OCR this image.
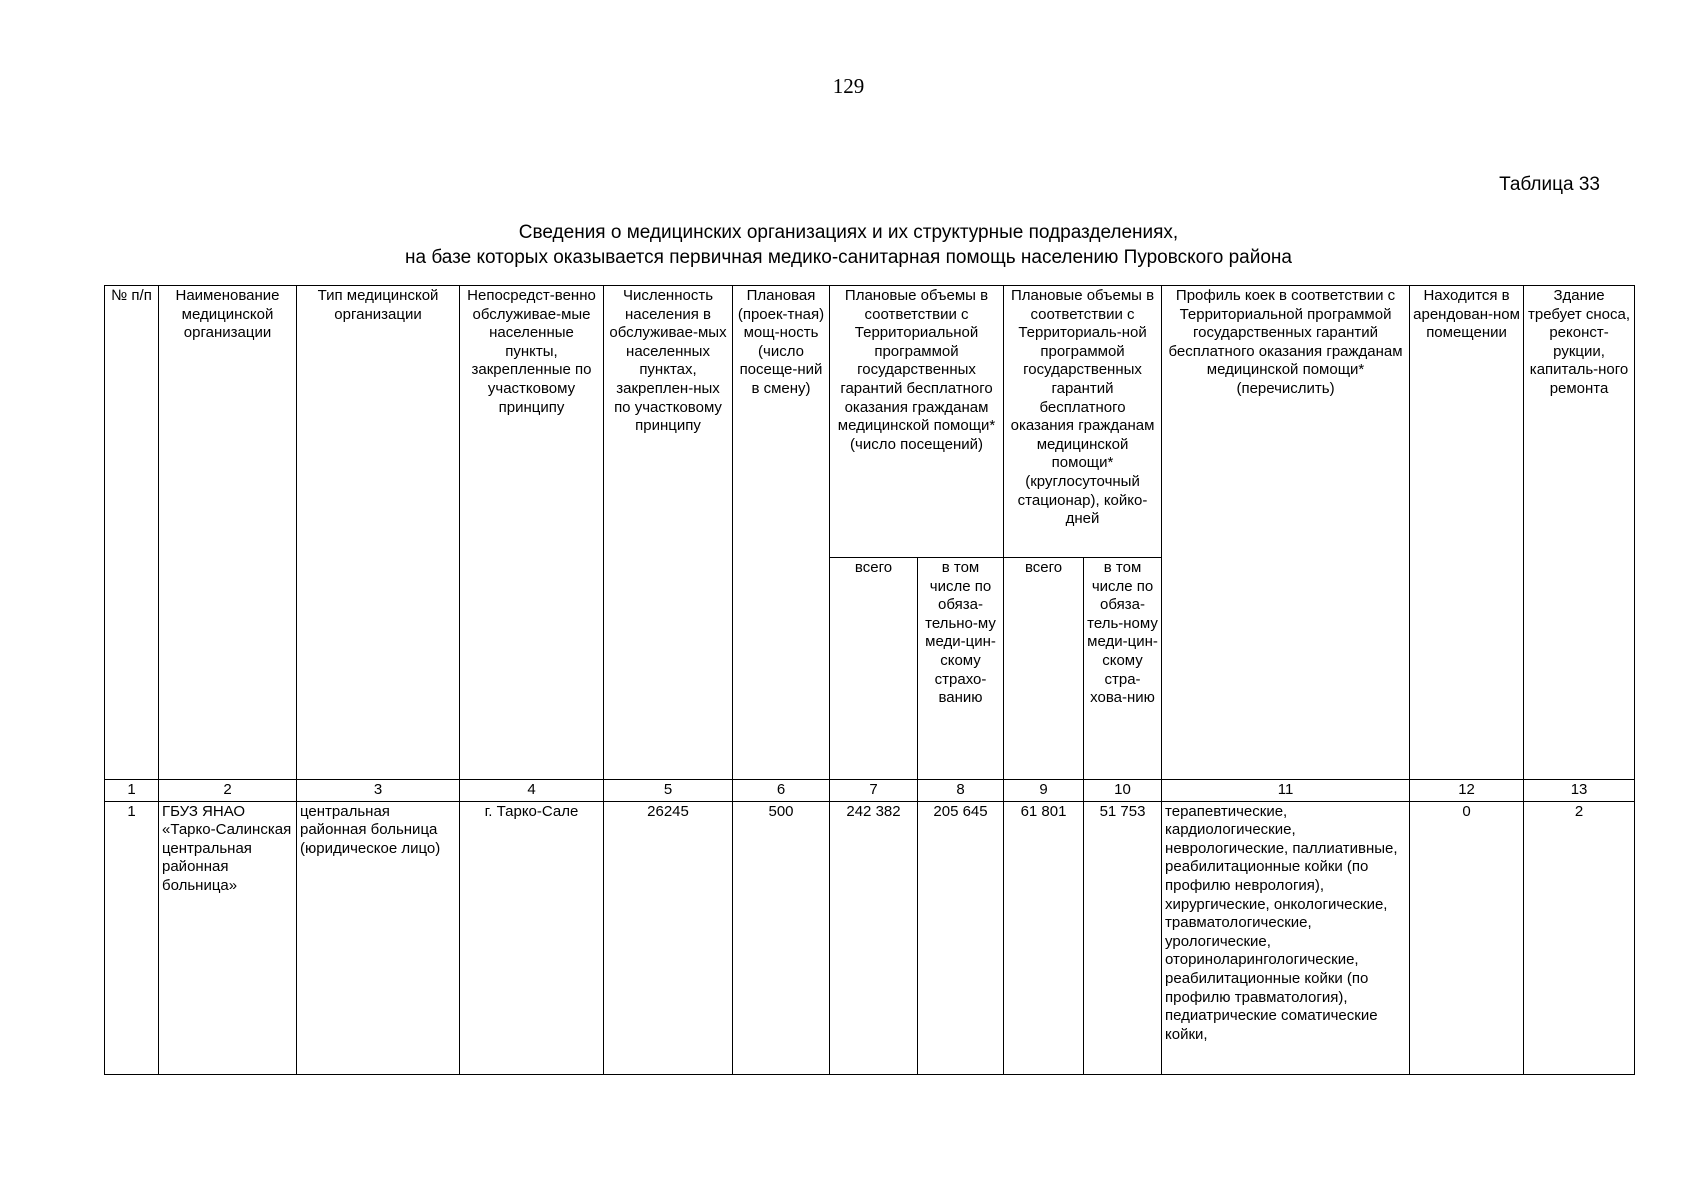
129
Таблица 33
Сведения о медицинских организациях и их структурные подразделениях,
на базе которых оказывается первичная медико-санитарная помощь населению Пуровского района
№ п/п	Наименование медицинской организации	Тип медицинской организации	Непосредст-венно обслуживае-мые населенные пункты, закрепленные по участковому принципу	Численность населения в обслуживае-мых населенных пунктах, закреплен-ных по участковому принципу	Плановая (проек-тная) мощ-ность (число посеще-ний в смену)	Плановые объемы в соответствии с Территориальной программой государственных гарантий бесплатного оказания гражданам медицинской помощи* (число посещений)		Плановые объемы в соответствии с Территориаль-ной программой государственных гарантий бесплатного оказания гражданам медицинской помощи* (круглосуточный стационар), койко-дней		Профиль коек в соответствии с Территориальной программой государственных гарантий бесплатного оказания гражданам медицинской помощи* (перечислить)	Находится в арендован-ном помещении	Здание требует сноса, реконст-рукции, капиталь-ного ремонта
						всего	в том числе по обяза-тельно-му меди-цин-скому страхо-ванию	всего	в том числе по обяза-тель-ному меди-цин-скому стра-хова-нию			
1	2	3	4	5	6	7	8	9	10	11	12	13
1	ГБУЗ ЯНАО «Тарко-Салинская центральная районная больница»	центральная районная больница (юридическое лицо)	г. Тарко-Сале	26245	500	242 382	205 645	61 801	51 753	терапевтические, кардиологические, неврологические, паллиативные, реабилитационные койки (по профилю неврология), хирургические, онкологические, травматологические, урологические, оториноларингологические, реабилитационные койки (по профилю травматология), педиатрические соматические койки,	0	2
